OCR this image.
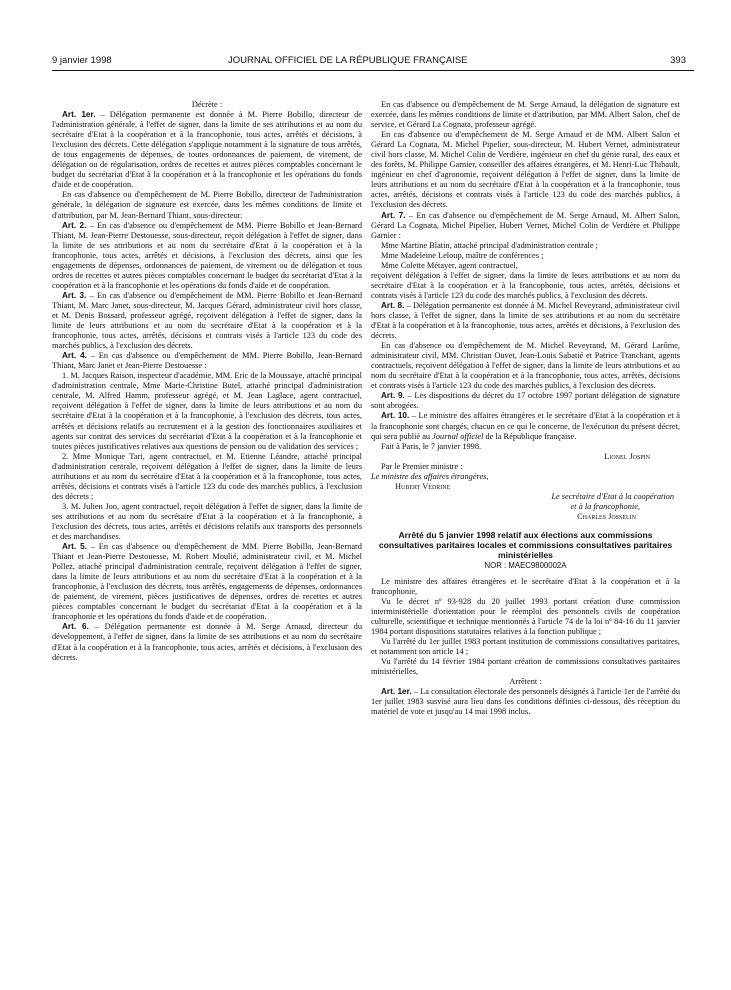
9 janvier 1998	JOURNAL OFFICIEL DE LA RÉPUBLIQUE FRANÇAISE	393

Décrète :

Art. 1er. – Délégation permanente est donnée à M. Pierre Bobillo, directeur de l'administration générale, à l'effet de signer, dans la limite de ses attributions et au nom du secrétaire d'Etat à la coopération et à la francophonie, tous actes, arrêtés et décisions, à l'exclusion des décrets. Cette délégation s'applique notamment à la signature de tous arrêtés, de tous engagements de dépenses, de toutes ordonnances de paiement, de virement, de délégation ou de régularisation, ordres de recettes et autres pièces comptables concernant le budget du secrétariat d'Etat à la coopération et à la francophonie et les opérations du fonds d'aide et de coopération.

En cas d'absence ou d'empêchement de M. Pierre Bobillo, directeur de l'administration générale, la délégation de signature est exercée, dans les mêmes conditions de limite et d'attribution, par M. Jean-Bernard Thiant, sous-directeur.

Art. 2. – En cas d'absence ou d'empêchement de MM. Pierre Bobillo et Jean-Bernard Thiant, M. Jean-Pierre Destouesse, sous-directeur, reçoit délégation à l'effet de signer, dans la limite de ses attributions et au nom du secrétaire d'Etat à la coopération et à la francophonie, tous actes, arrêtés et décisions, à l'exclusion des décrets, ainsi que les engagements de dépenses, ordonnances de paiement, de virement ou de délégation et tous ordres de recettes et autres pièces comptables concernant le budget du secrétariat d'Etat à la coopération et à la francophonie et les opérations du fonds d'aide et de coopération.

Art. 3. – En cas d'absence ou d'empêchement de MM. Pierre Bobillo et Jean-Bernard Thiant, M. Marc Janet, sous-directeur, M. Jacques Gérard, administrateur civil hors classe, et M. Denis Bossard, professeur agrégé, reçoivent délégation à l'effet de signer, dans la limite de leurs attributions et au nom du secrétaire d'Etat à la coopération et à la francophonie, tous actes, arrêtés, décisions et contrats visés à l'article 123 du code des marchés publics, à l'exclusion des décrets.

Art. 4. – En cas d'absence ou d'empêchement de MM. Pierre Bobillo, Jean-Bernard Thiant, Marc Janet et Jean-Pierre Destouesse :

1. M. Jacques Raison, inspecteur d'académie, MM. Eric de la Moussaye, attaché principal d'administration centrale, Mme Marie-Christine Butel, attaché principal d'administration centrale, M. Alfred Hamm, professeur agrégé, et M. Jean Laglace, agent contractuel, reçoivent délégation à l'effet de signer, dans la limite de leurs attributions et au nom du secrétaire d'Etat à la coopération et à la francophonie, à l'exclusion des décrets, tous actes, arrêtés et décisions relatifs au recrutement et à la gestion des fonctionnaires auxiliaires et agents sur contrat des services du secrétariat d'Etat à la coopération et à la francophonie et toutes pièces justificatives relatives aux questions de pension ou de validation des services ;

2. Mme Monique Tari, agent contractuel, et M. Etienne Léandre, attaché principal d'administration centrale, reçoivent délégation à l'effet de signer, dans la limite de leurs attributions et au nom du secrétaire d'Etat à la coopération et à la francophonie, tous actes, arrêtés, décisions et contrats visés à l'article 123 du code des marchés publics, à l'exclusion des décrets ;

3. M. Julien Joo, agent contractuel, reçoit délégation à l'effet de signer, dans la limite de ses attributions et au nom du secrétaire d'Etat à la coopération et à la francophonie, à l'exclusion des décrets, tous actes, arrêtés et décisions relatifs aux transports des personnels et des marchandises.

Art. 5. – En cas d'absence ou d'empêchement de MM. Pierre Bobillo, Jean-Bernard Thiant et Jean-Pierre Destouesse, M. Robert Moulié, administrateur civil, et M. Michel Pollez, attaché principal d'administration centrale, reçoivent délégation à l'effet de signer, dans la limite de leurs attributions et au nom du secrétaire d'Etat à la coopération et à la francophonie, à l'exclusion des décrets, tous arrêtés, engagements de dépenses, ordonnances de paiement, de virement, pièces justificatives de dépenses, ordres de recettes et autres pièces comptables concernant le budget du secrétariat d'Etat à la coopération et à la francophonie et les opérations du fonds d'aide et de coopération.

Art. 6. – Délégation permanente est donnée à M. Serge Arnaud, directeur du développement, à l'effet de signer, dans la limite de ses attributions et au nom du secrétaire d'Etat à la coopération et à la francophonie, tous actes, arrêtés et décisions, à l'exclusion des décrets.

En cas d'absence ou d'empêchement de M. Serge Arnaud, la délégation de signature est exercée, dans les mêmes conditions de limite et d'attribution, par MM. Albert Salon, chef de service, et Gérard La Cognata, professeur agrégé.

En cas d'absence ou d'empêchement de M. Serge Arnaud et de MM. Albert Salon et Gérard La Cognata, M. Michel Pipelier, sous-directeur, M. Hubert Vernet, administrateur civil hors classe, M. Michel Colin de Verdière, ingénieur en chef du génie rural, des eaux et des forêts, M. Philippe Garnier, conseiller des affaires étrangères, et M. Henri-Luc Thibault, ingénieur en chef d'agronomie, reçoivent délégation à l'effet de signer, dans la limite de leurs attributions et au nom du secrétaire d'Etat à la coopération et à la francophonie, tous actes, arrêtés, décisions et contrats visés à l'article 123 du code des marchés publics, à l'exclusion des décrets.

Art. 7. – En cas d'absence ou d'empêchement de M. Serge Arnaud, M. Albert Salon, Gérard La Cognata, Michel Pipelier, Hubert Vernet, Michel Colin de Verdière et Philippe Garnier :

Mme Martine Blatin, attaché principal d'administration centrale ;

Mme Madeleine Leloup, maître de conférences ;

Mme Colette Métayer, agent contractuel,

reçoivent délégation à l'effet de signer, dans la limite de leurs attributions et au nom du secrétaire d'Etat à la coopération et à la francophonie, tous actes, arrêtés, décisions et contrats visés à l'article 123 du code des marchés publics, à l'exclusion des décrets.

Art. 8. – Délégation permanente est donnée à M. Michel Reveyrand, administrateur civil hors classe, à l'effet de signer, dans la limite de ses attributions et au nom du secrétaire d'Etat à la coopération et à la francophonie, tous actes, arrêtés et décisions, à l'exclusion des décrets.

En cas d'absence ou d'empêchement de M. Michel Reveyrand, M. Gérard Larôme, administrateur civil, MM. Christian Ouvet, Jean-Louis Sabatié et Patrice Tranchant, agents contractuels, reçoivent délégation à l'effet de signer, dans la limite de leurs attributions et au nom du secrétaire d'Etat à la coopération et à la francophonie, tous actes, arrêtés, décisions et contrats visés à l'article 123 du code des marchés publics, à l'exclusion des décrets.

Art. 9. – Les dispositions du décret du 17 octobre 1997 portant délégation de signature sont abrogées.

Art. 10. – Le ministre des affaires étrangères et le secrétaire d'Etat à la coopération et à la francophonie sont chargés, chacun en ce qui le concerne, de l'exécution du présent décret, qui sera publié au Journal officiel de la République française.

Fait à Paris, le 7 janvier 1998.

Lionel Jospin

Par le Premier ministre :

Le ministre des affaires étrangères,

Hubert Védrine

Le secrétaire d'Etat à la coopération

et à la francophonie,

Charles Josselin

Arrêté du 5 janvier 1998 relatif aux élections aux commissions consultatives paritaires locales et commissions consultatives paritaires ministérielles
NOR : MAEC9800002A

Le ministre des affaires étrangères et le secrétaire d'Etat à la coopération et à la francophonie,

Vu le décret nº 93-928 du 20 juillet 1993 portant création d'une commission interministérielle d'orientation pour le réemploi des personnels civils de coopération culturelle, scientifique et technique mentionnés à l'article 74 de la loi nº 84-16 du 11 janvier 1984 portant dispositions statutaires relatives à la fonction publique ;

Vu l'arrêté du 1er juillet 1983 portant institution de commissions consultatives paritaires, et notamment son article 14 ;

Vu l'arrêté du 14 février 1984 portant création de commissions consultatives paritaires ministérielles,

Arrêtent :

Art. 1er. – La consultation électorale des personnels désignés à l'article 1er de l'arrêté du 1er juillet 1983 susvisé aura lieu dans les conditions définies ci-dessous, dès réception du matériel de vote et jusqu'au 14 mai 1998 inclus.
